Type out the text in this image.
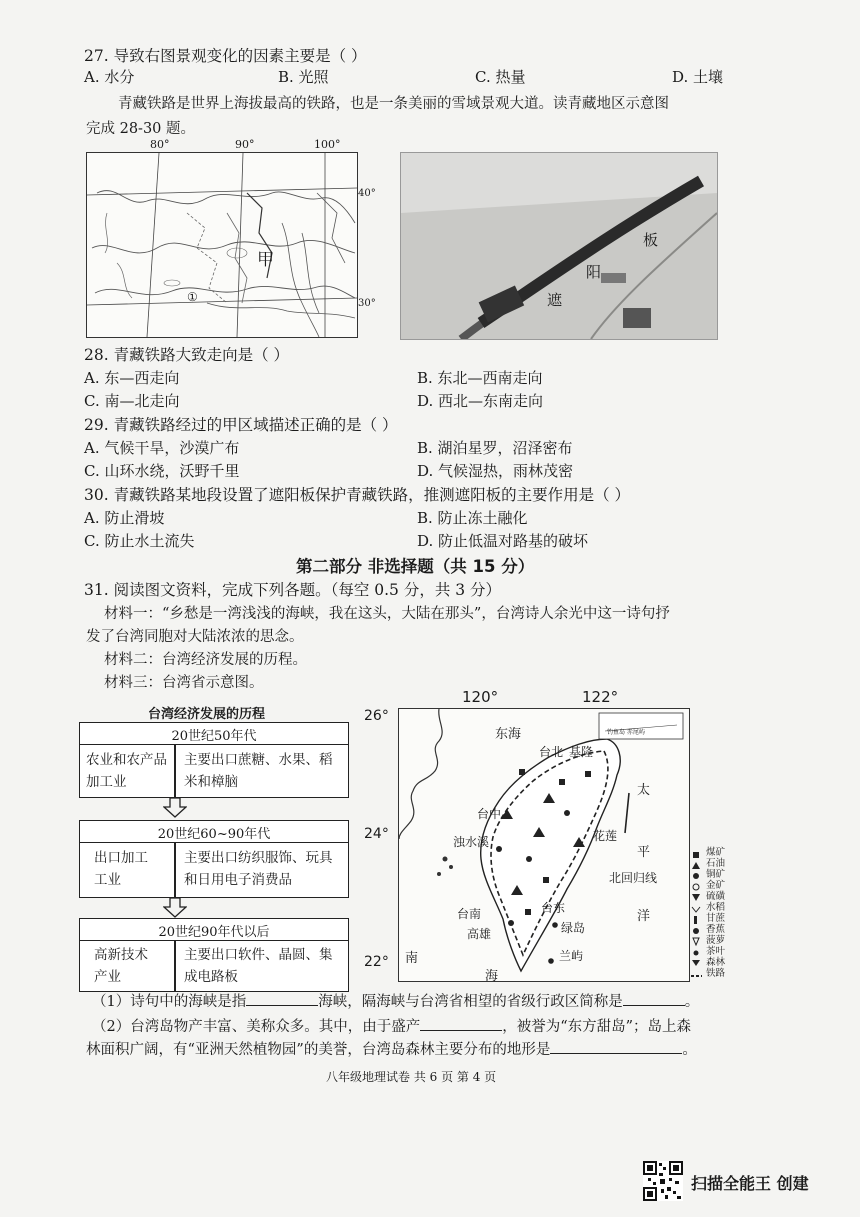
27. 导致右图景观变化的因素主要是（ ）
A. 水分	B. 光照	C. 热量	D. 土壤
青藏铁路是世界上海拔最高的铁路，也是一条美丽的雪域景观大道。读青藏地区示意图
完成 28-30 题。
80°	90°	100°
甲
①
40°
30°
板
阳
遮
28. 青藏铁路大致走向是（ ）
A. 东—西走向	B. 东北—西南走向
C. 南—北走向	D. 西北—东南走向
29. 青藏铁路经过的甲区域描述正确的是（ ）
A. 气候干旱，沙漠广布	B. 湖泊星罗，沼泽密布
C. 山环水绕，沃野千里	D. 气候湿热，雨林茂密
30. 青藏铁路某地段设置了遮阳板保护青藏铁路，推测遮阳板的主要作用是（ ）
A. 防止滑坡	B. 防止冻土融化
C. 防止水土流失	D. 防止低温对路基的破坏
第二部分 非选择题（共 15 分）
31. 阅读图文资料，完成下列各题。（每空 0.5 分，共 3 分）
材料一：“乡愁是一湾浅浅的海峡，我在这头，大陆在那头”，台湾诗人余光中这一诗句抒
发了台湾同胞对大陆浓浓的思念。
材料二：台湾经济发展的历程。
材料三：台湾省示意图。
台湾经济发展的历程
20世纪50年代
农业和农产品加工业
主要出口蔗糖、水果、稻米和樟脑
20世纪60~90年代
出口加工工业
主要出口纺织服饰、玩具和日用电子消费品
20世纪90年代以后
高新技术产业
主要出口软件、晶圆、集成电路板
120°	122°
26°
24°
22°
东海
台北 基隆
台中
浊水溪	花莲
台南
高雄
台东
绿岛
兰屿
太
平
洋
北回归线
南
海
钓鱼岛 赤尾屿
煤矿
石油
铜矿
金矿
硫磺
水稻
甘蔗
香蕉
菠萝
茶叶
森林
铁路
（1）诗句中的海峡是指	海峡，隔海峡与台湾省相望的省级行政区简称是	。
（2）台湾岛物产丰富、美称众多。其中，由于盛产	，被誉为“东方甜岛”；岛上森
林面积广阔，有“亚洲天然植物园”的美誉，台湾岛森林主要分布的地形是	。
八年级地理试卷 共 6 页 第 4 页
扫描全能王 创建
